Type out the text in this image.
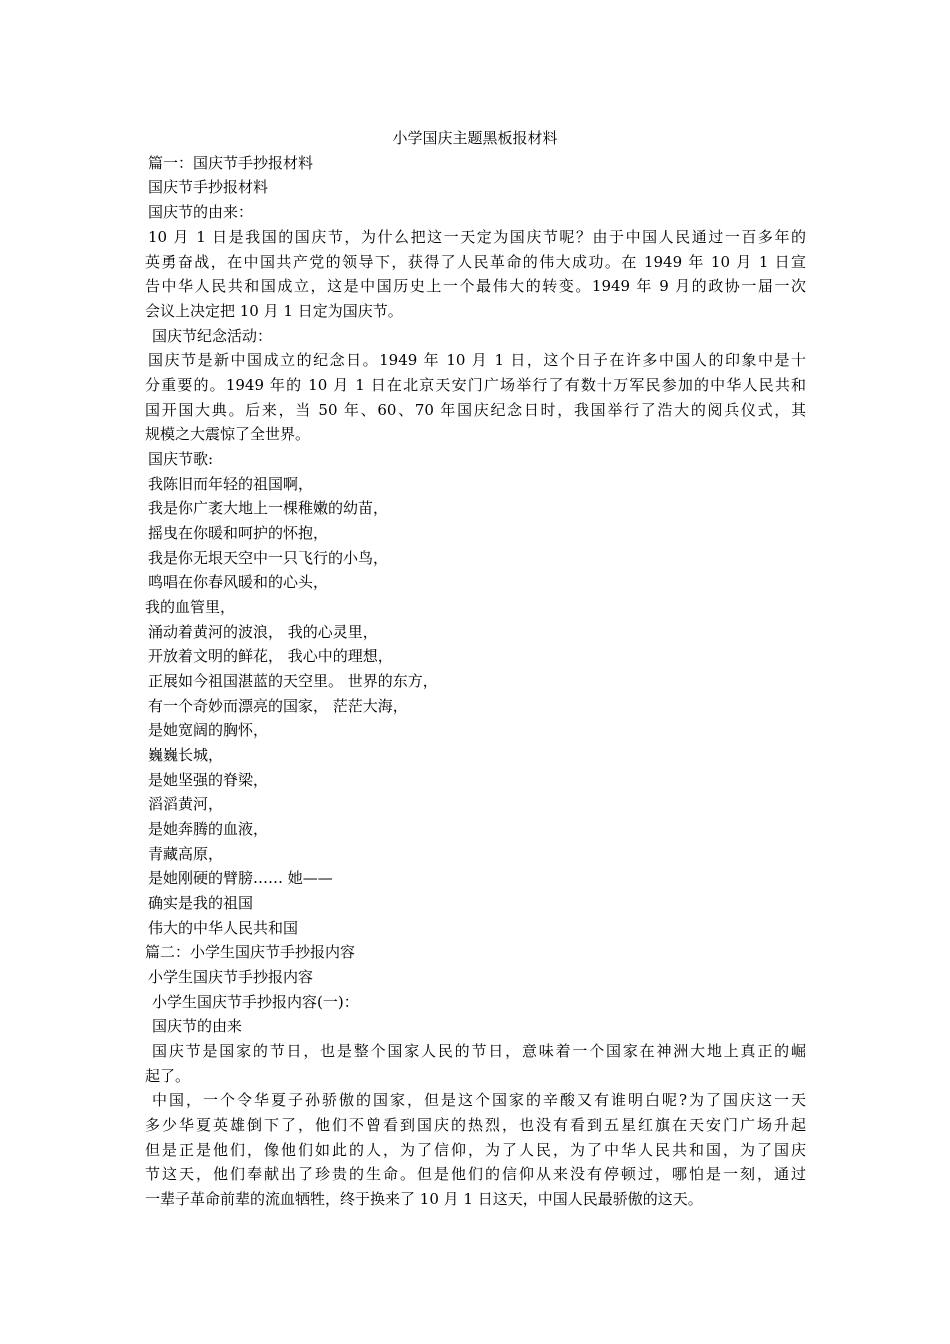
小学国庆主题黑板报材料
篇一：国庆节手抄报材料
国庆节手抄报材料
国庆节的由来：
10 月 1 日是我国的国庆节，为什么把这一天定为国庆节呢？由于中国人民通过一百多年的
英勇奋战，在中国共产党的领导下，获得了人民革命的伟大成功。在 1949 年 10 月 1 日宣
告中华人民共和国成立，这是中国历史上一个最伟大的转变。1949 年 9 月的政协一届一次
会议上决定把 10 月 1 日定为国庆节。
国庆节纪念活动：
国庆节是新中国成立的纪念日。1949 年 10 月 1 日，这个日子在许多中国人的印象中是十
分重要的。1949 年的 10 月 1 日在北京天安门广场举行了有数十万军民参加的中华人民共和
国开国大典。后来，当 50 年、60、70 年国庆纪念日时，我国举行了浩大的阅兵仪式，其
规模之大震惊了全世界。
国庆节歌:
我陈旧而年轻的祖国啊，
我是你广袤大地上一棵稚嫩的幼苗，
摇曳在你暖和呵护的怀抱，
我是你无垠天空中一只飞行的小鸟，
鸣唱在你春风暖和的心头，
我的血管里，
涌动着黄河的波浪， 我的心灵里，
开放着文明的鲜花， 我心中的理想，
正展如今祖国湛蓝的天空里。 世界的东方，
有一个奇妙而漂亮的国家， 茫茫大海，
是她宽阔的胸怀，
巍巍长城，
是她坚强的脊梁，
滔滔黄河，
是她奔腾的血液，
青藏高原，
是她刚硬的臂膀…… 她——
确实是我的祖国
伟大的中华人民共和国
篇二：小学生国庆节手抄报内容
小学生国庆节手抄报内容
小学生国庆节手抄报内容(一)：
国庆节的由来
国庆节是国家的节日，也是整个国家人民的节日，意味着一个国家在神洲大地上真正的崛
起了。
中国，一个令华夏子孙骄傲的国家，但是这个国家的辛酸又有谁明白呢?为了国庆这一天
多少华夏英雄倒下了，他们不曾看到国庆的热烈，也没有看到五星红旗在天安门广场升起
但是正是他们，像他们如此的人，为了信仰，为了人民，为了中华人民共和国，为了国庆
节这天，他们奉献出了珍贵的生命。但是他们的信仰从来没有停顿过，哪怕是一刻，通过
一辈子革命前辈的流血牺牲，终于换来了 10 月 1 日这天，中国人民最骄傲的这天。
